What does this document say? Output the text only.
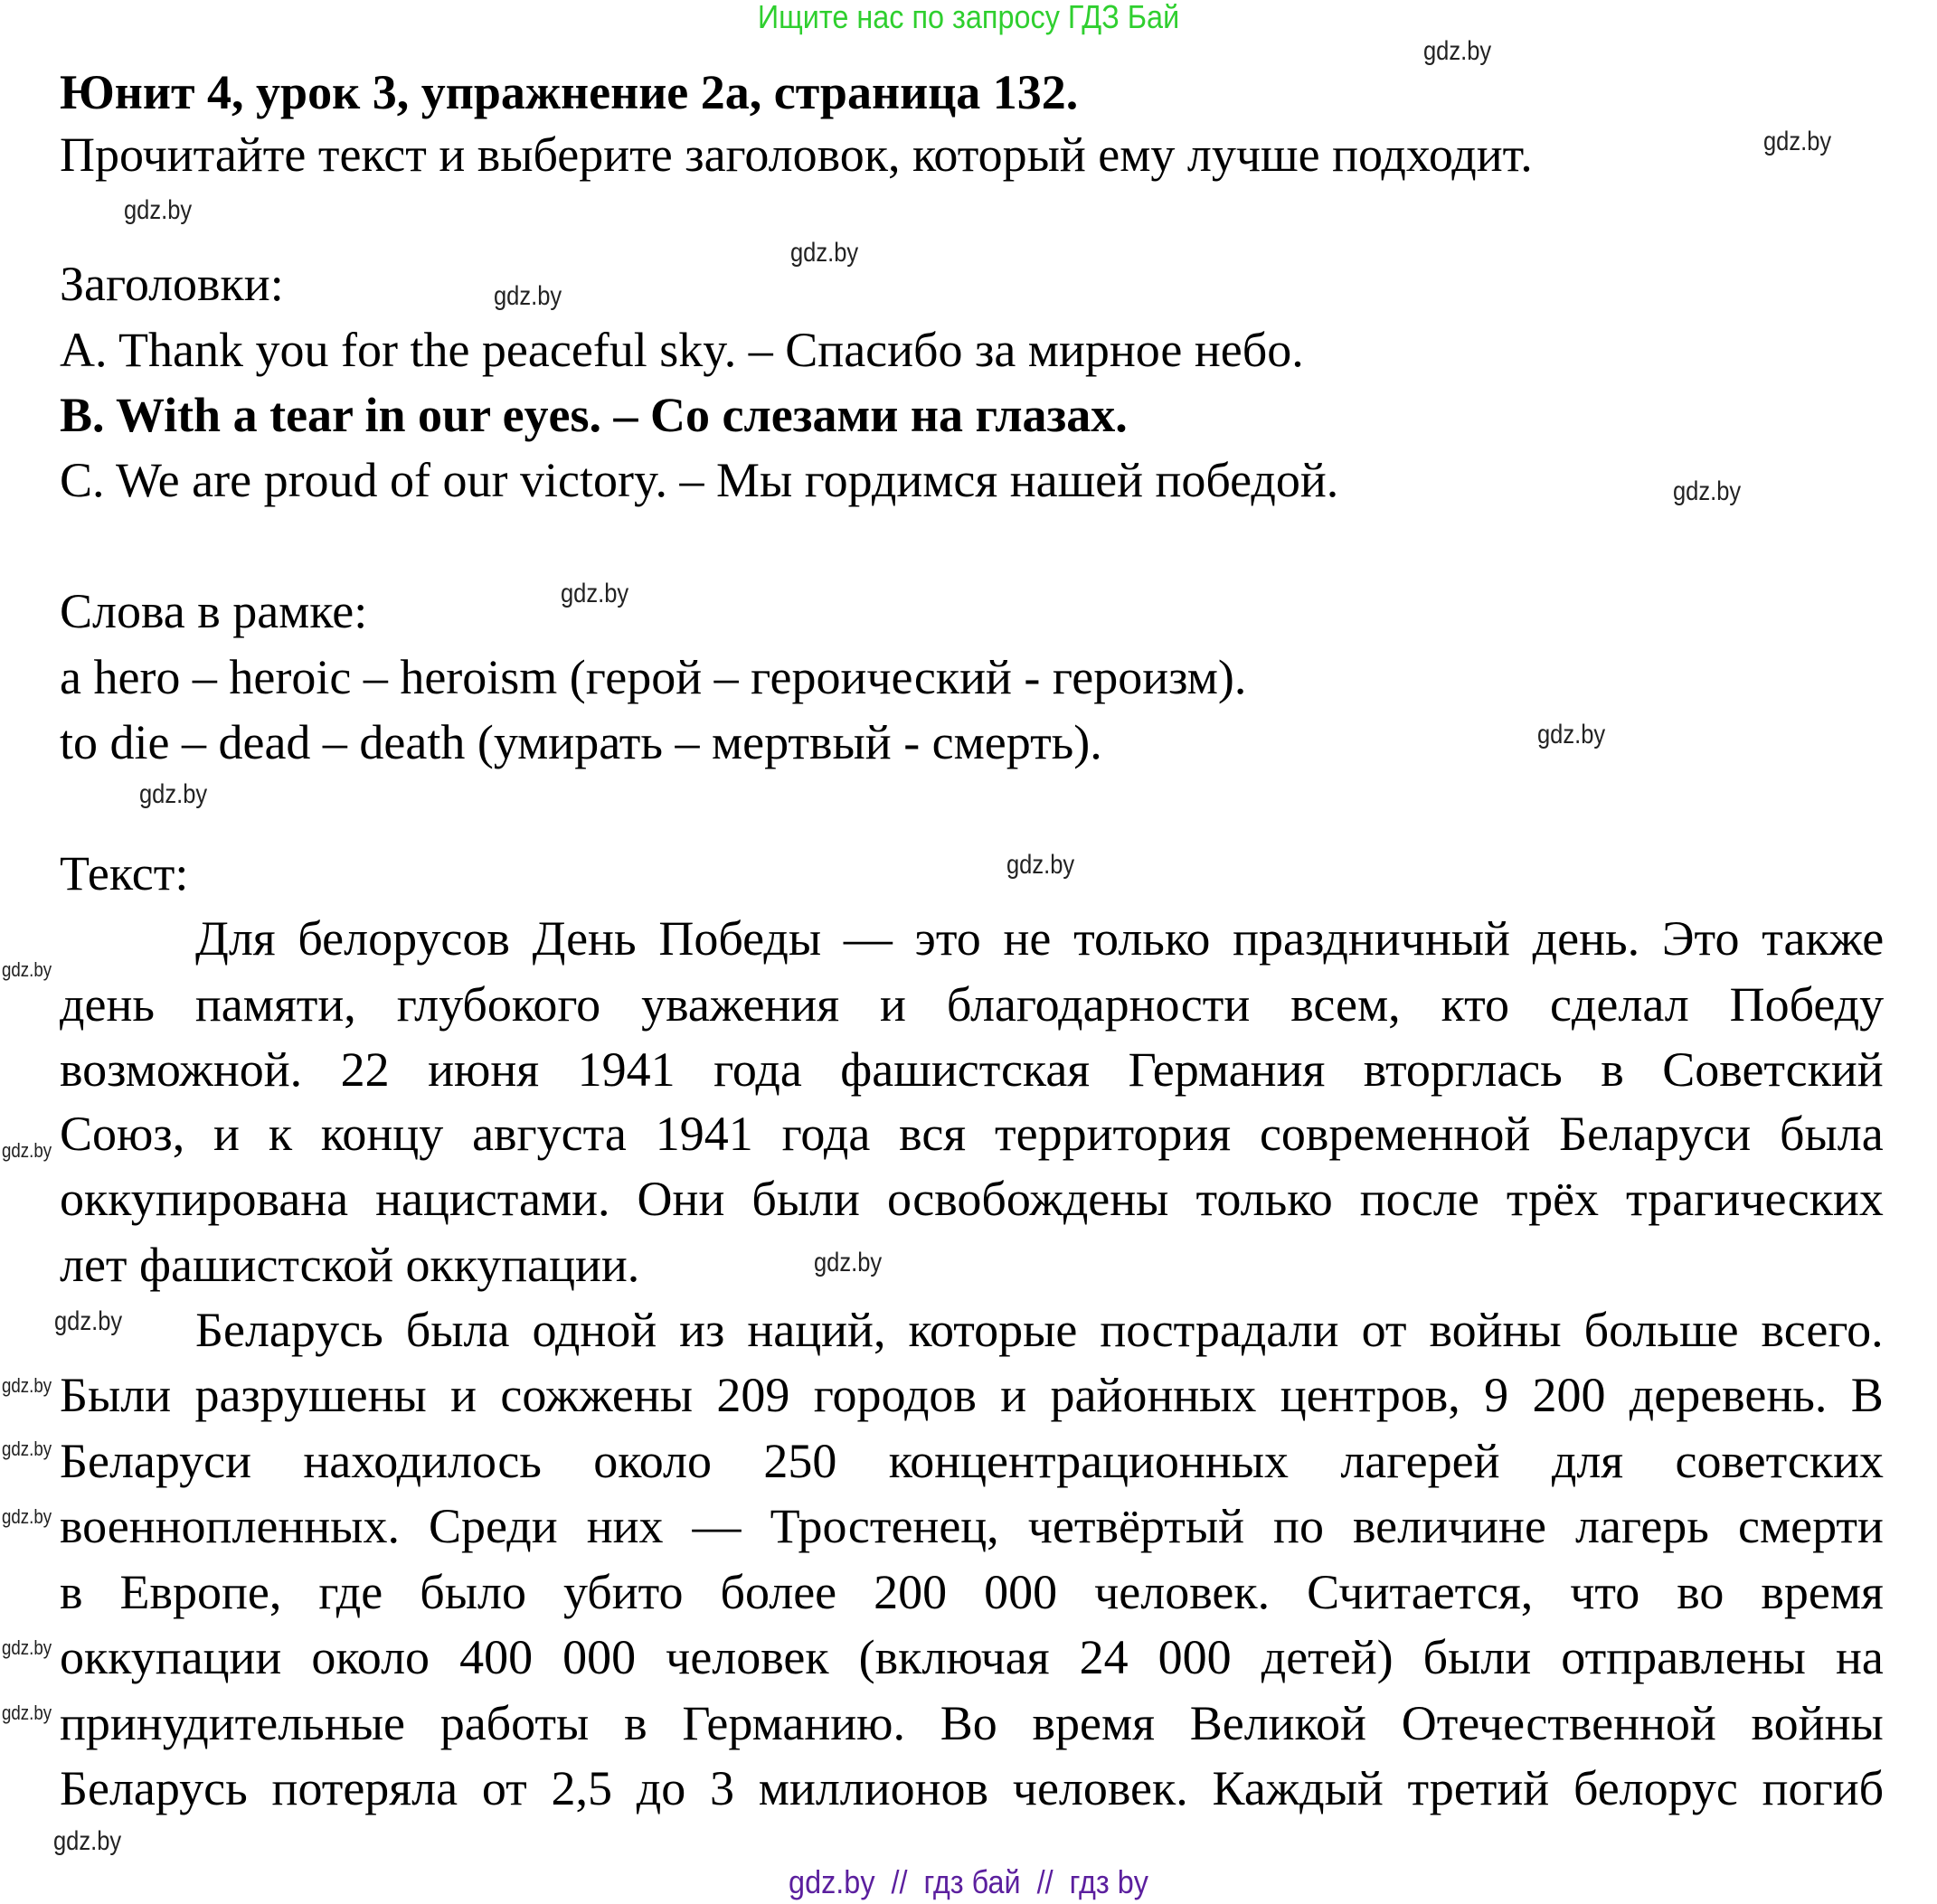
Ищите нас по запросу ГДЗ Бай
Юнит 4, урок 3, упражнение 2а, страница 132.
Прочитайте текст и выберите заголовок, который ему лучше подходит.
Заголовки:
A. Thank you for the peaceful sky. – Спасибо за мирное небо.
B. With a tear in our eyes. – Со слезами на глазах.
C. We are proud of our victory. – Мы гордимся нашей победой.
Слова в рамке:
a hero – heroic – heroism (герой – героический - героизм).
to die – dead – death (умирать – мертвый - смерть).
Текст:
Для белорусов День Победы — это не только праздничный день. Это также
день памяти, глубокого уважения и благодарности всем, кто сделал Победу
возможной. 22 июня 1941 года фашистская Германия вторглась в Советский
Союз, и к концу августа 1941 года вся территория современной Беларуси была
оккупирована нацистами. Они были освобождены только после трёх трагических
лет фашистской оккупации.
Беларусь была одной из наций, которые пострадали от войны больше всего.
Были разрушены и сожжены 209 городов и районных центров, 9 200 деревень. В
Беларуси находилось около 250 концентрационных лагерей для советских
военнопленных. Среди них — Тростенец, четвёртый по величине лагерь смерти
в Европе, где было убито более 200 000 человек. Считается, что во время
оккупации около 400 000 человек (включая 24 000 детей) были отправлены на
принудительные работы в Германию. Во время Великой Отечественной войны
Беларусь потеряла от 2,5 до 3 миллионов человек. Каждый третий белорус погиб
gdz.by
gdz.by
gdz.by
gdz.by
gdz.by
gdz.by
gdz.by
gdz.by
gdz.by
gdz.by
gdz.by
gdz.by
gdz.by
gdz.by
gdz.by
gdz.by
gdz.by
gdz.by
gdz.by
gdz.by
gdz.by  //  гдз бай  //  гдз by
